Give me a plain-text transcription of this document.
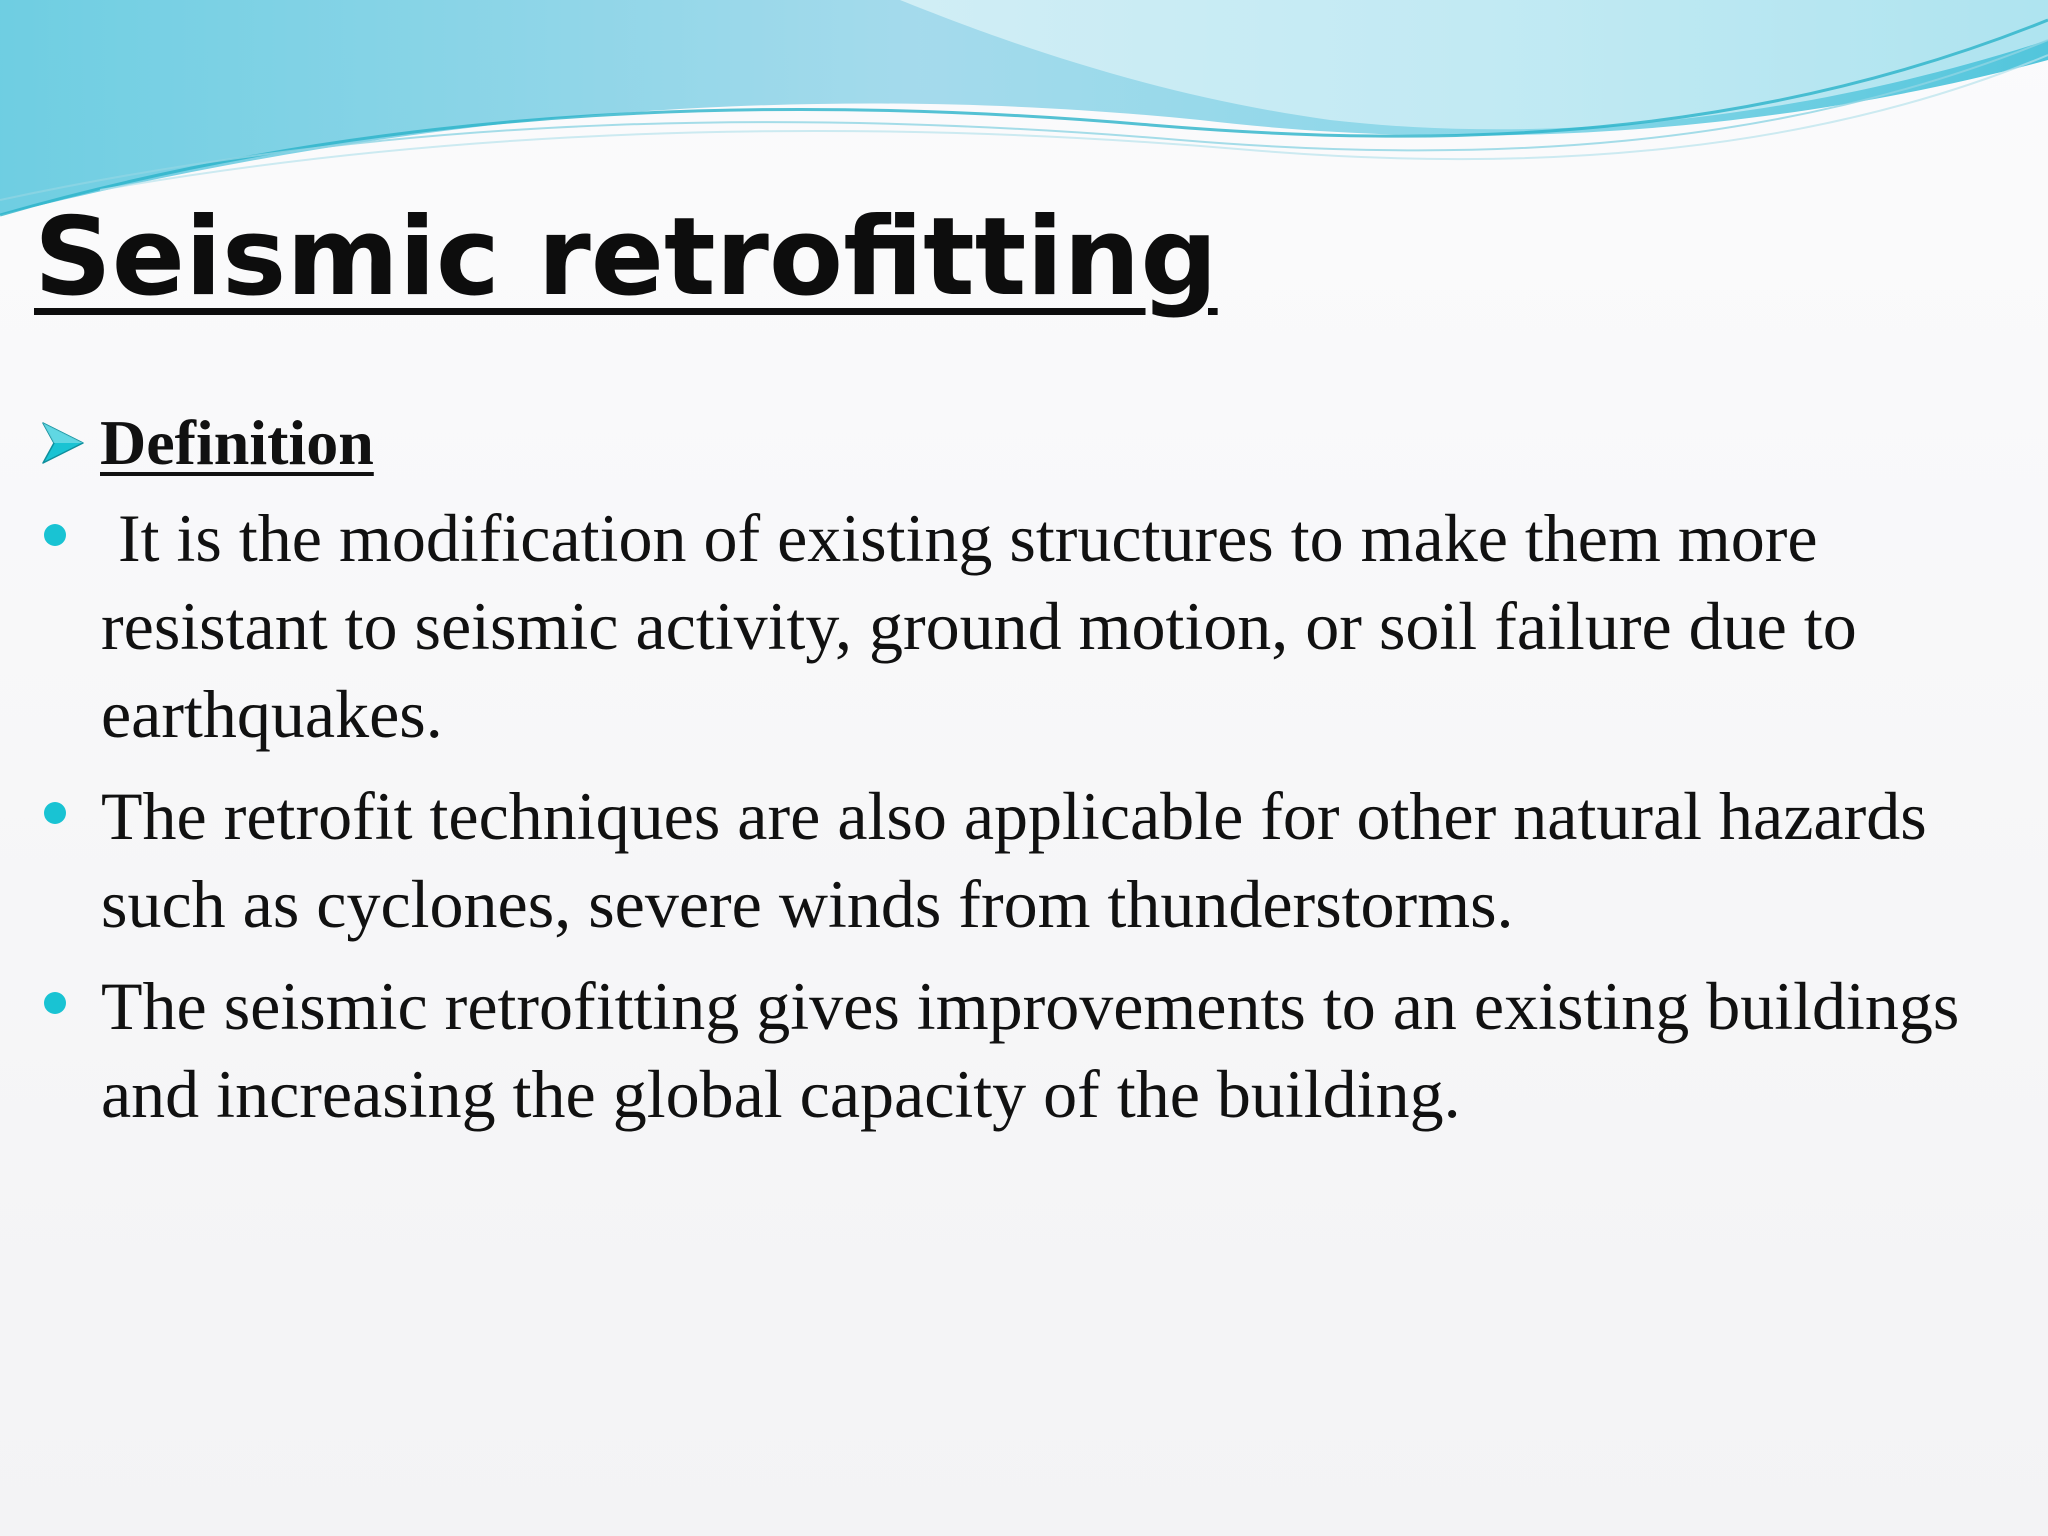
Seismic retrofitting
Definition
It is the modification of existing structures to make them more resistant to seismic activity, ground motion, or soil failure due to earthquakes.
The retrofit techniques are also applicable for other natural hazards such as cyclones, severe winds from thunderstorms.
The seismic retrofitting gives improvements to an existing buildings and increasing the global capacity of the building.
